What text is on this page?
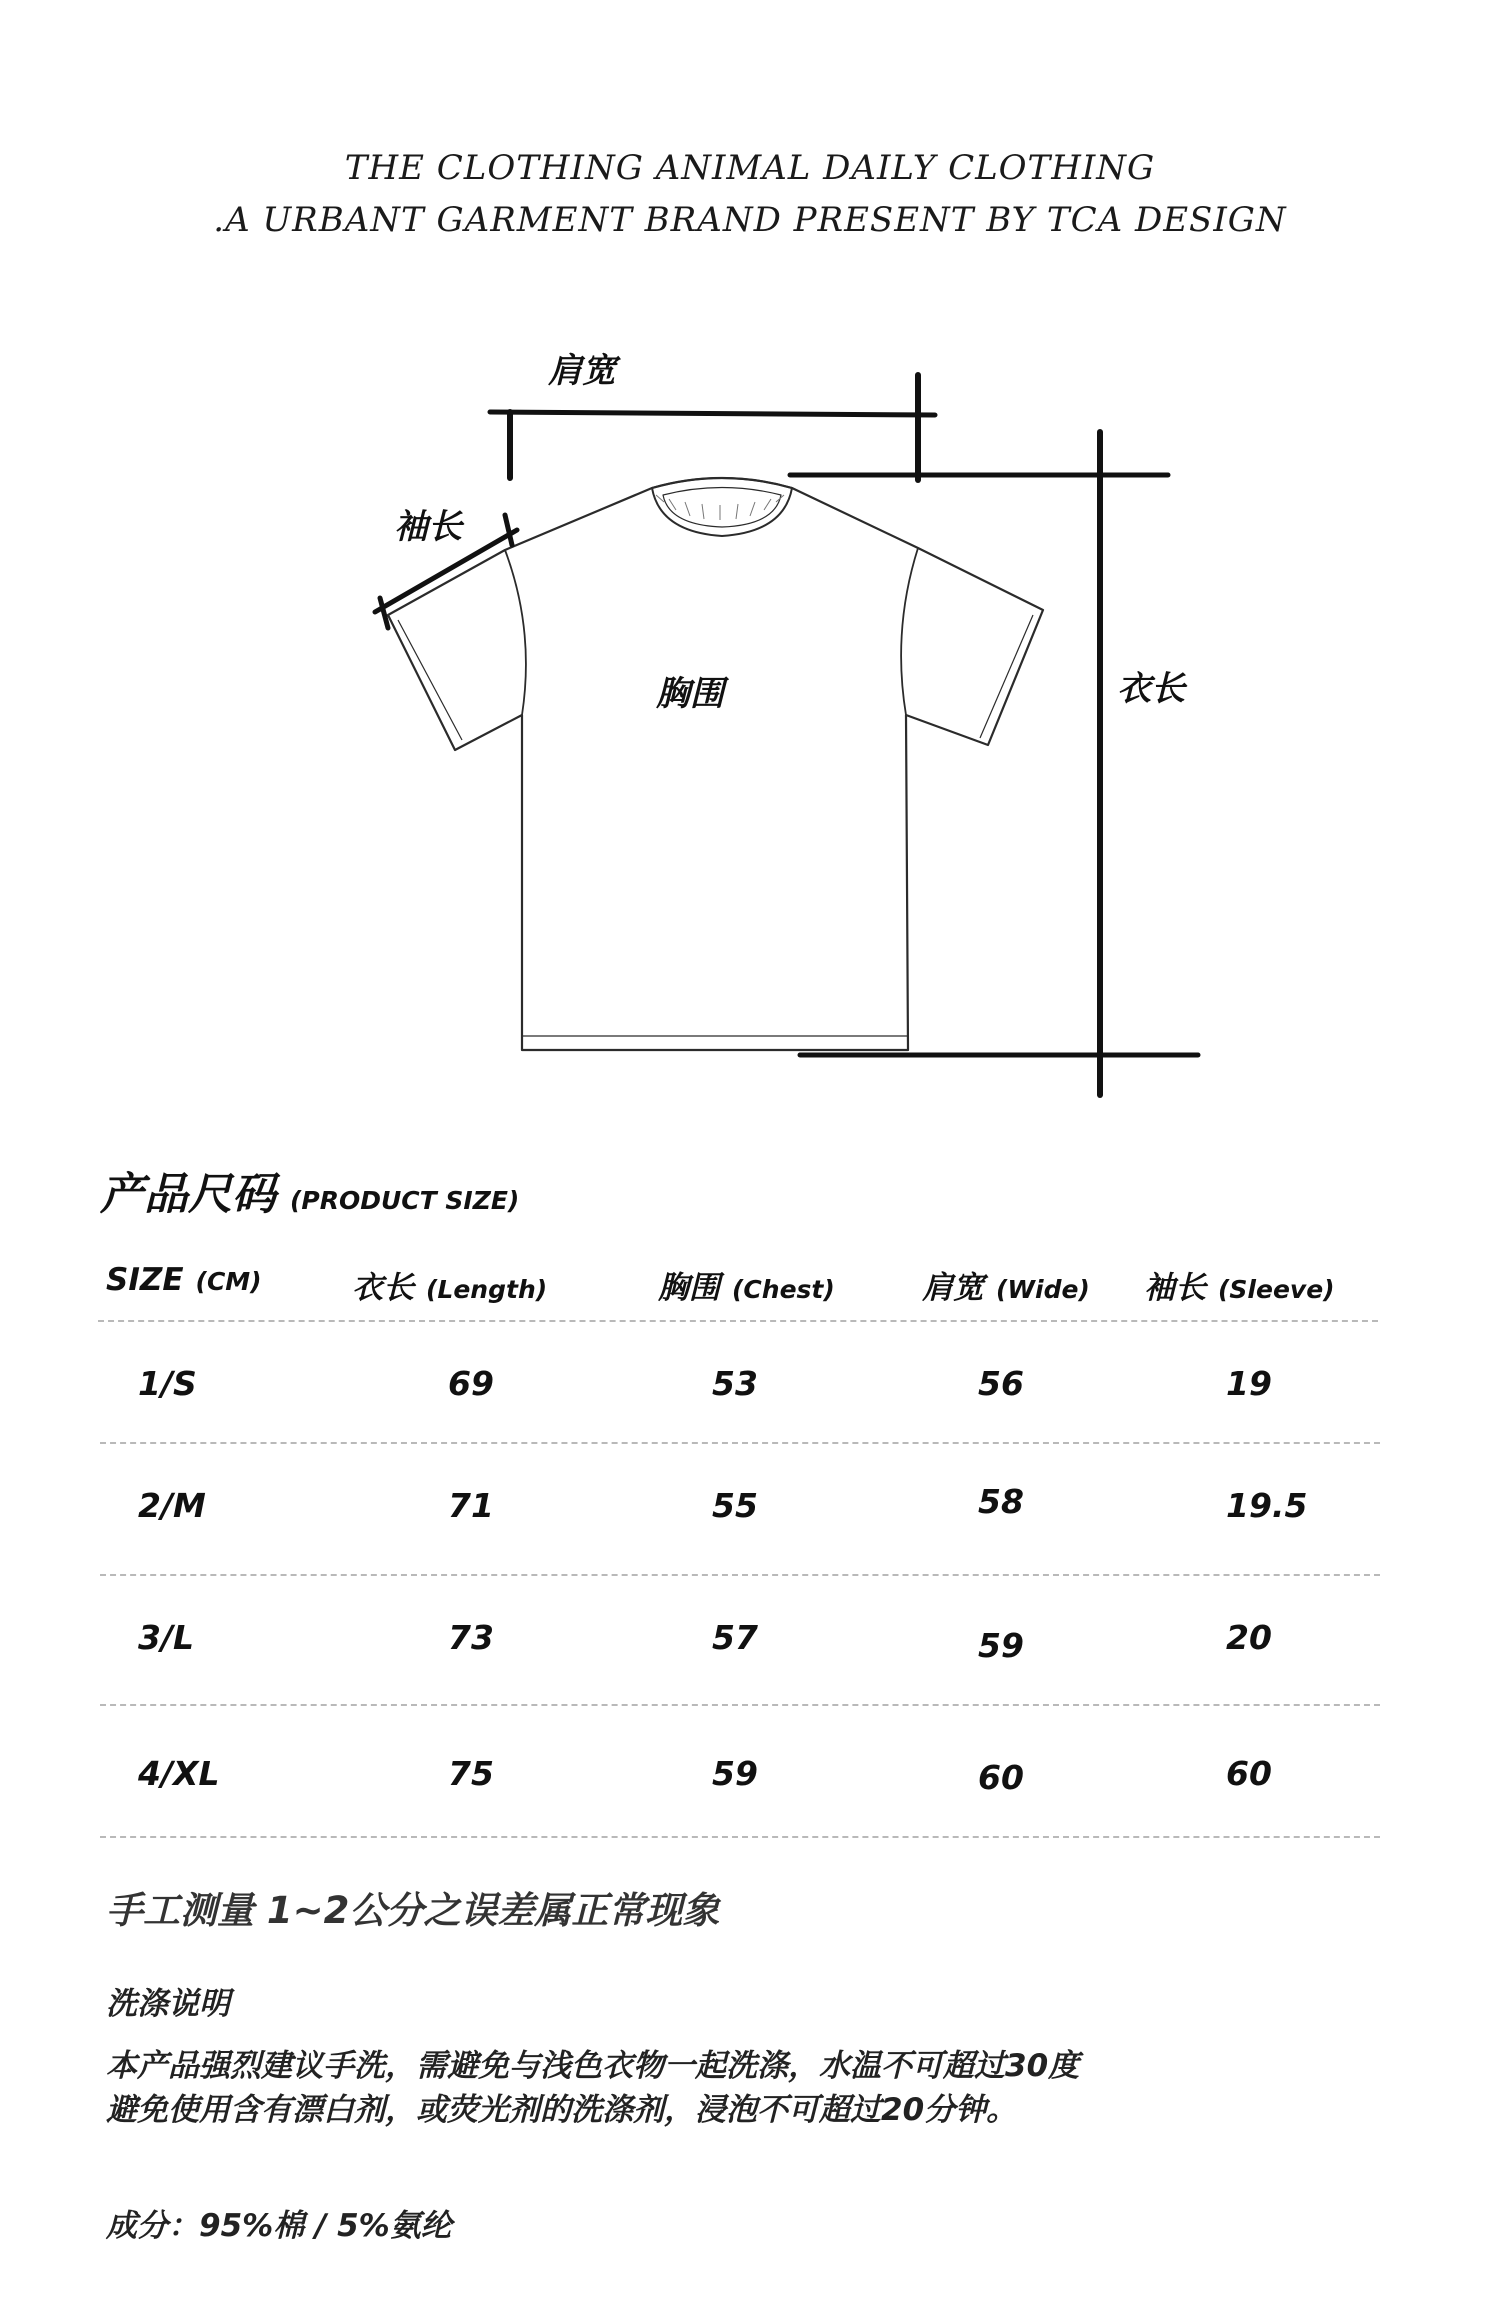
THE CLOTHING ANIMAL DAILY CLOTHING
.A URBANT GARMENT BRAND PRESENT BY TCA DESIGN
肩宽
袖长
胸围	衣长
产品尺码 (PRODUCT SIZE)
SIZE (CM)	衣长 (Length)	胸围 (Chest)	肩宽 (Wide) 袖长 (Sleeve)
1/S	69	53	56	19
2/M	71	55	58	19.5
3/L	73	57	59	20
4/XL	75	59	60	60
手工测量 1~2公分之误差属正常现象
洗涤说明
本产品强烈建议手洗，需避免与浅色衣物一起洗涤，水温不可超过30度
避免使用含有漂白剂，或荧光剂的洗涤剂，浸泡不可超过20分钟。
成分：95%棉 / 5%氨纶
